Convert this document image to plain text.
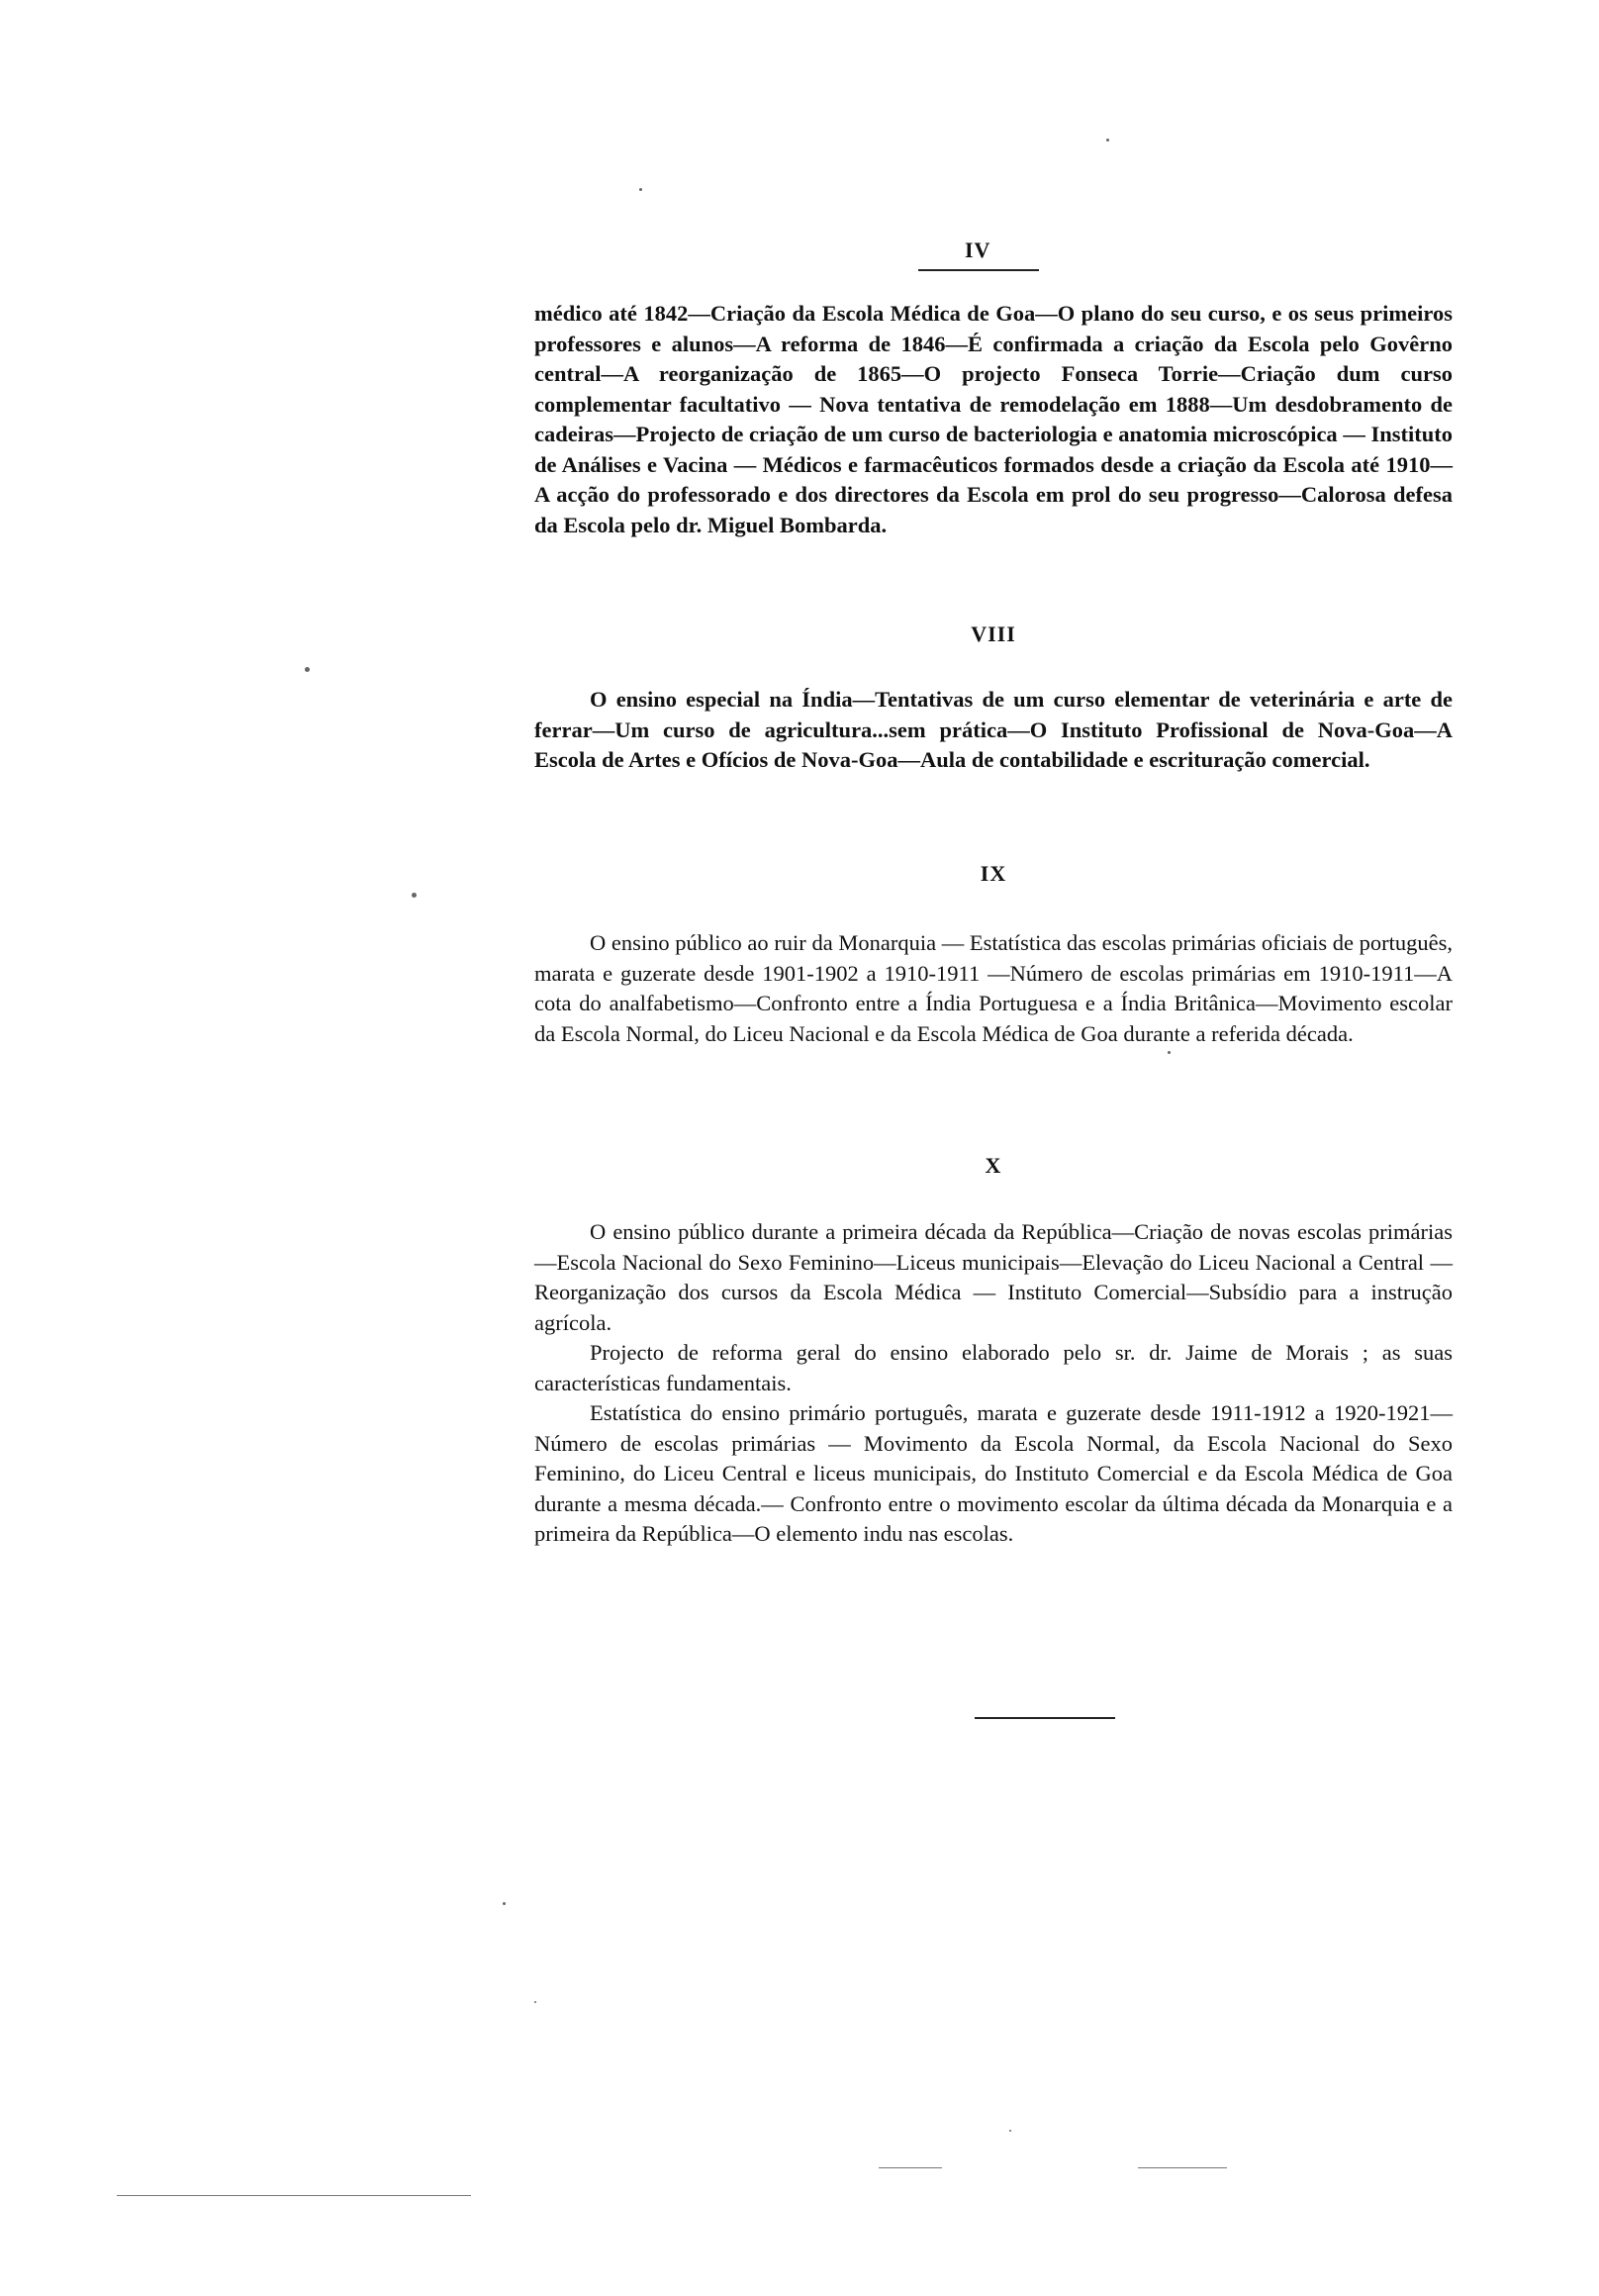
IV

médico até 1842—Criação da Escola Médica de Goa—O plano do seu curso, e os seus primeiros professores e alunos—A reforma de 1846—É confirmada a criação da Escola pelo Govêrno central—A reorganização de 1865—O projecto Fonseca Torrie—Criação dum curso complementar facultativo — Nova tentativa de remodelação em 1888—Um desdobramento de cadeiras—Projecto de criação de um curso de bacteriologia e anatomia microscópica — Instituto de Análises e Vacina — Médicos e farmacêuticos formados desde a criação da Escola até 1910—A acção do professorado e dos directores da Escola em prol do seu progresso—Calorosa defesa da Escola pelo dr. Miguel Bombarda.

VIII

O ensino especial na Índia—Tentativas de um curso elementar de veterinária e arte de ferrar—Um curso de agricultura...sem prática—O Instituto Profissional de Nova-Goa—A Escola de Artes e Ofícios de Nova-Goa—Aula de contabilidade e escrituração comercial.

IX

O ensino público ao ruir da Monarquia — Estatística das escolas primárias oficiais de português, marata e guzerate desde 1901-1902 a 1910-1911 —Número de escolas primárias em 1910-1911—A cota do analfabetismo—Confronto entre a Índia Portuguesa e a Índia Britânica—Movimento escolar da Escola Normal, do Liceu Nacional e da Escola Médica de Goa durante a referida década.

X

O ensino público durante a primeira década da República—Criação de novas escolas primárias—Escola Nacional do Sexo Feminino—Liceus municipais—Elevação do Liceu Nacional a Central — Reorganização dos cursos da Escola Médica — Instituto Comercial—Subsídio para a instrução agrícola.

Projecto de reforma geral do ensino elaborado pelo sr. dr. Jaime de Morais ; as suas características fundamentais.

Estatística do ensino primário português, marata e guzerate desde 1911-1912 a 1920-1921—Número de escolas primárias — Movimento da Escola Normal, da Escola Nacional do Sexo Feminino, do Liceu Central e liceus municipais, do Instituto Comercial e da Escola Médica de Goa durante a mesma década.— Confronto entre o movimento escolar da última década da Monarquia e a primeira da República—O elemento indu nas escolas.
